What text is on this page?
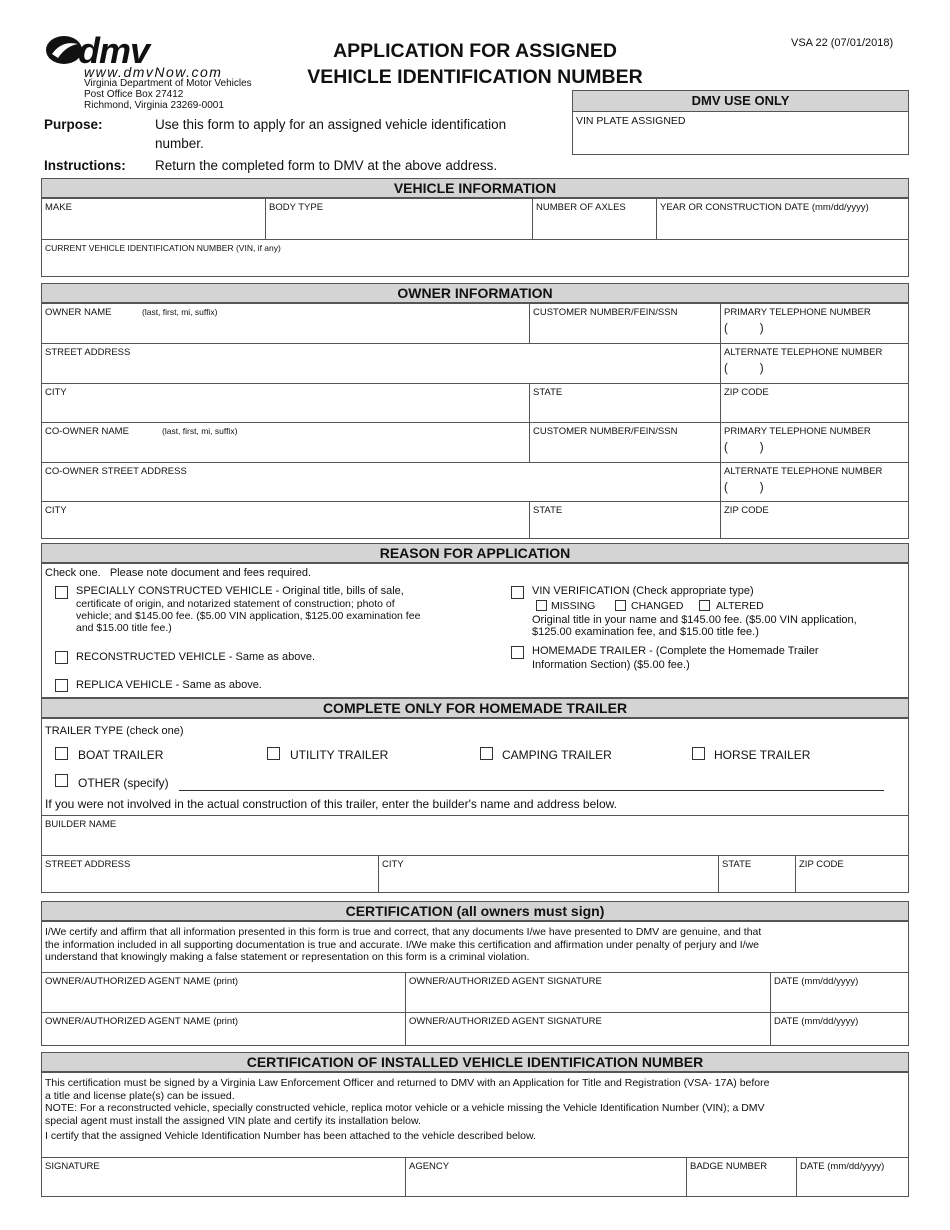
dmv
www.dmvNow.com
Virginia Department of Motor Vehicles
Post Office Box 27412
Richmond, Virginia 23269-0001
APPLICATION FOR ASSIGNED
VEHICLE IDENTIFICATION NUMBER
VSA 22 (07/01/2018)
DMV USE ONLY
VIN PLATE ASSIGNED
Purpose:	Use this form to apply for an assigned vehicle identification
number.
Instructions: Return the completed form to DMV at the above address.
VEHICLE INFORMATION
MAKE	BODY TYPE	NUMBER OF AXLES	YEAR OR CONSTRUCTION DATE (mm/dd/yyyy)
CURRENT VEHICLE IDENTIFICATION NUMBER (VIN, if any)
OWNER INFORMATION
OWNER NAME	(last, first, mi, suffix)	CUSTOMER NUMBER/FEIN/SSN	PRIMARY TELEPHONE NUMBER
(          )
STREET ADDRESS	ALTERNATE TELEPHONE NUMBER
(          )
CITY	STATE	ZIP CODE
CO-OWNER NAME	(last, first, mi, suffix)	CUSTOMER NUMBER/FEIN/SSN	PRIMARY TELEPHONE NUMBER
(          )
CO-OWNER STREET ADDRESS	ALTERNATE TELEPHONE NUMBER
(          )
CITY	STATE	ZIP CODE
REASON FOR APPLICATION
Check one.   Please note document and fees required.
SPECIALLY CONSTRUCTED VEHICLE - Original title, bills of sale,
certificate of origin, and notarized statement of construction; photo of
vehicle; and $145.00 fee. ($5.00 VIN application, $125.00 examination fee
and $15.00 title fee.)
RECONSTRUCTED VEHICLE - Same as above.
REPLICA VEHICLE - Same as above.
VIN VERIFICATION (Check appropriate type)
MISSING	CHANGED	ALTERED
Original title in your name and $145.00 fee. ($5.00 VIN application,
$125.00 examination fee, and $15.00 title fee.)
HOMEMADE TRAILER - (Complete the Homemade Trailer
Information Section) ($5.00 fee.)
COMPLETE ONLY FOR HOMEMADE TRAILER
TRAILER TYPE (check one)
BOAT TRAILER	UTILITY TRAILER	CAMPING TRAILER	HORSE TRAILER
OTHER (specify)
If you were not involved in the actual construction of this trailer, enter the builder's name and address below.
BUILDER NAME
STREET ADDRESS	CITY	STATE	ZIP CODE
CERTIFICATION (all owners must sign)
I/We certify and affirm that all information presented in this form is true and correct, that any documents I/we have presented to DMV are genuine, and that
the information included in all supporting documentation is true and accurate. I/We make this certification and affirmation under penalty of perjury and I/we
understand that knowingly making a false statement or representation on this form is a criminal violation.
OWNER/AUTHORIZED AGENT NAME (print)	OWNER/AUTHORIZED AGENT SIGNATURE	DATE (mm/dd/yyyy)
OWNER/AUTHORIZED AGENT NAME (print)	OWNER/AUTHORIZED AGENT SIGNATURE	DATE (mm/dd/yyyy)
CERTIFICATION OF INSTALLED VEHICLE IDENTIFICATION NUMBER
This certification must be signed by a Virginia Law Enforcement Officer and returned to DMV with an Application for Title and Registration (VSA- 17A) before
a title and license plate(s) can be issued.
NOTE: For a reconstructed vehicle, specially constructed vehicle, replica motor vehicle or a vehicle missing the Vehicle Identification Number (VIN); a DMV
special agent must install the assigned VIN plate and certify its installation below.
I certify that the assigned Vehicle Identification Number has been attached to the vehicle described below.
SIGNATURE	AGENCY	BADGE NUMBER	DATE (mm/dd/yyyy)
